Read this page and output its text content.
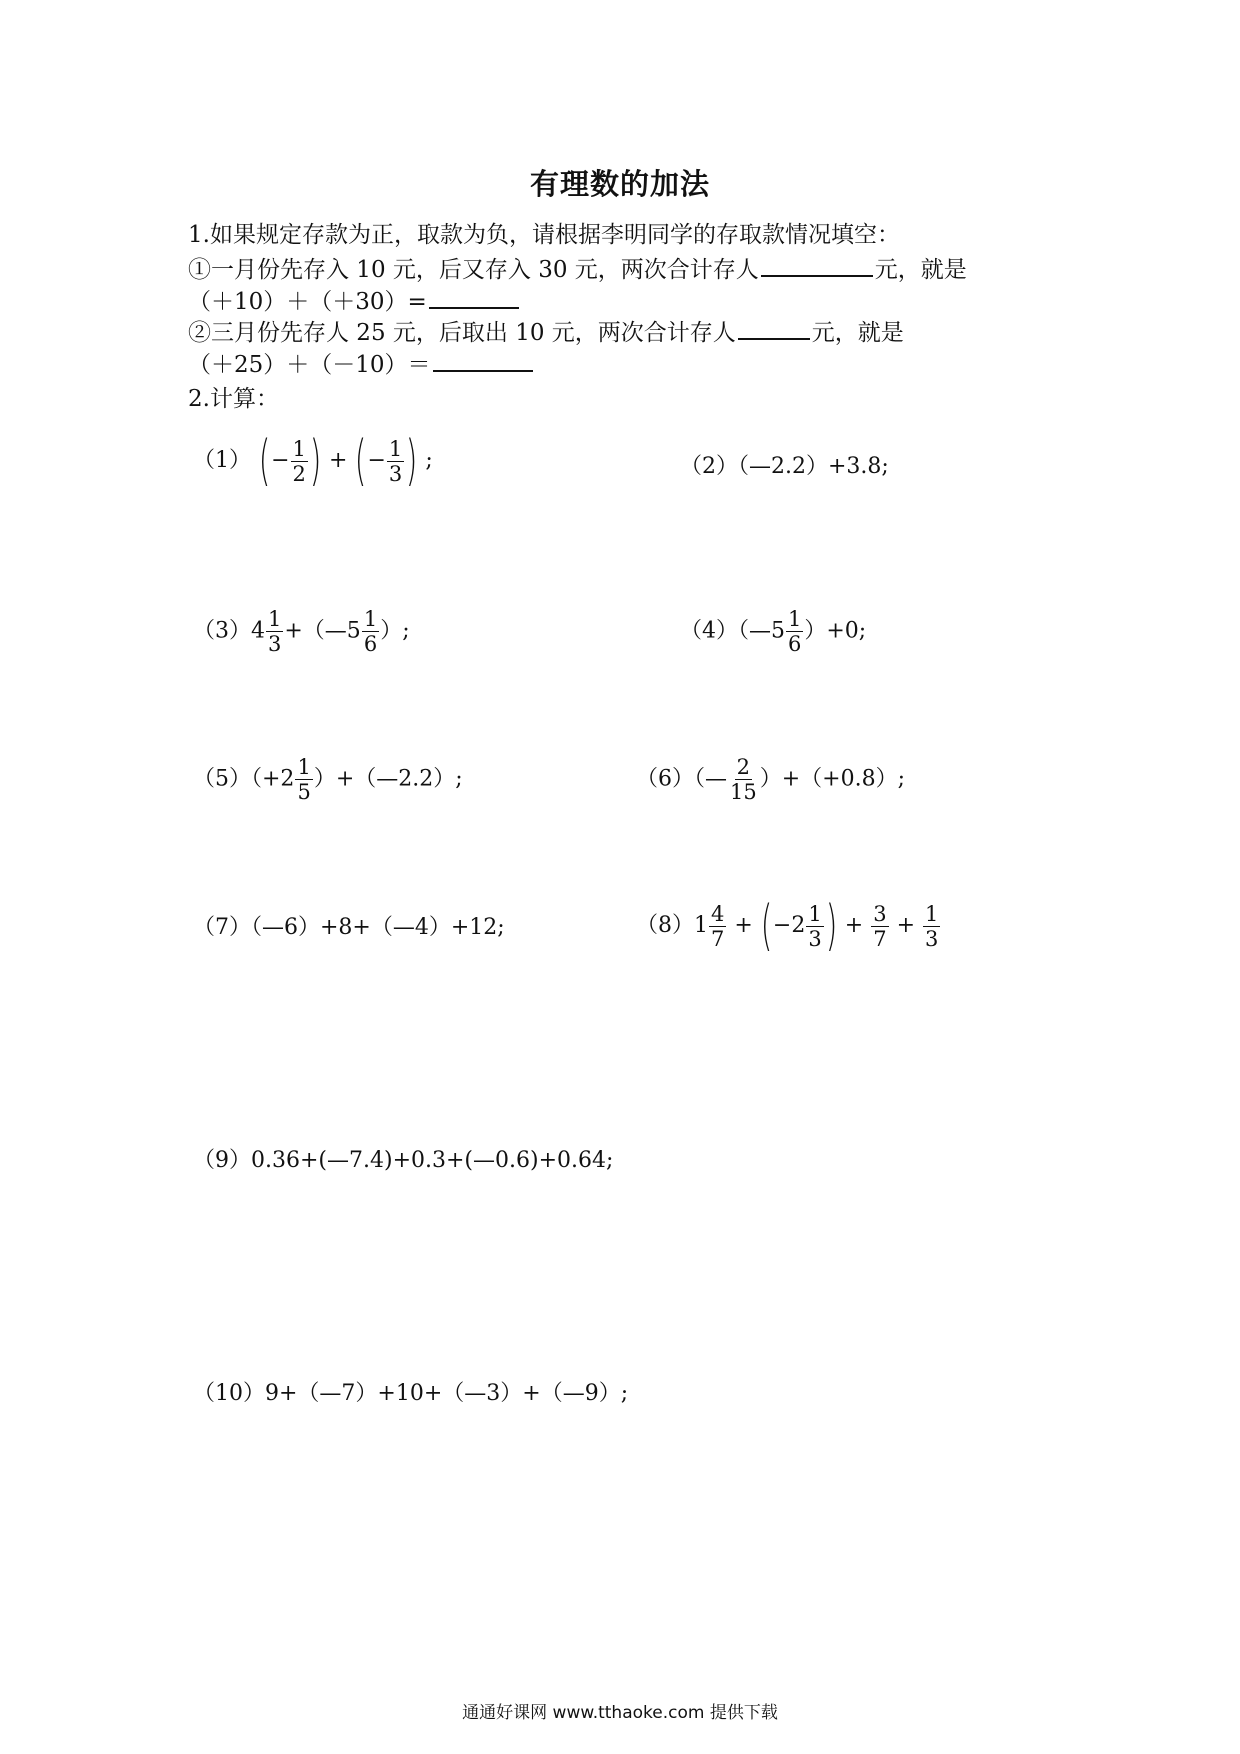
有理数的加法
1.如果规定存款为正，取款为负，请根据李明同学的存取款情况填空：
①一月份先存入 10 元，后又存入 30 元，两次合计存人	元，就是
（＋10）＋（＋30）=
②三月份先存人 25 元，后取出 10 元，两次合计存人	元，就是
（＋25）＋（－10）＝
2.计算：
（1） ( − $\frac{1}{2}$ ) + ( − $\frac{1}{3}$ ) ;	（2）（—2.2）+3.8;
$(3)4 \frac{1}{3}$ +（—5 $\frac{1}{6}$ ）;	（4）（—5 $\frac{1}{6} )+0$;
$(5)(+2 \frac{1}{5}$ ）+（—2.2）;	（6）（— $\frac{2}{15} )+(+0.8)$;
（7）（—6）+8+（—4）+12;	$(8)1 \frac{4}{7}$ + ( $-2 \frac{1}{3}$ ) + $\frac{3}{7} + \frac{1}{3}$
（9）0.36+(—7.4)+0.3+(—0.6)+0.64;
（10）9+（—7）+10+（—3）+（—9）;
通通好课网 www.tthaoke.com 提供下载
